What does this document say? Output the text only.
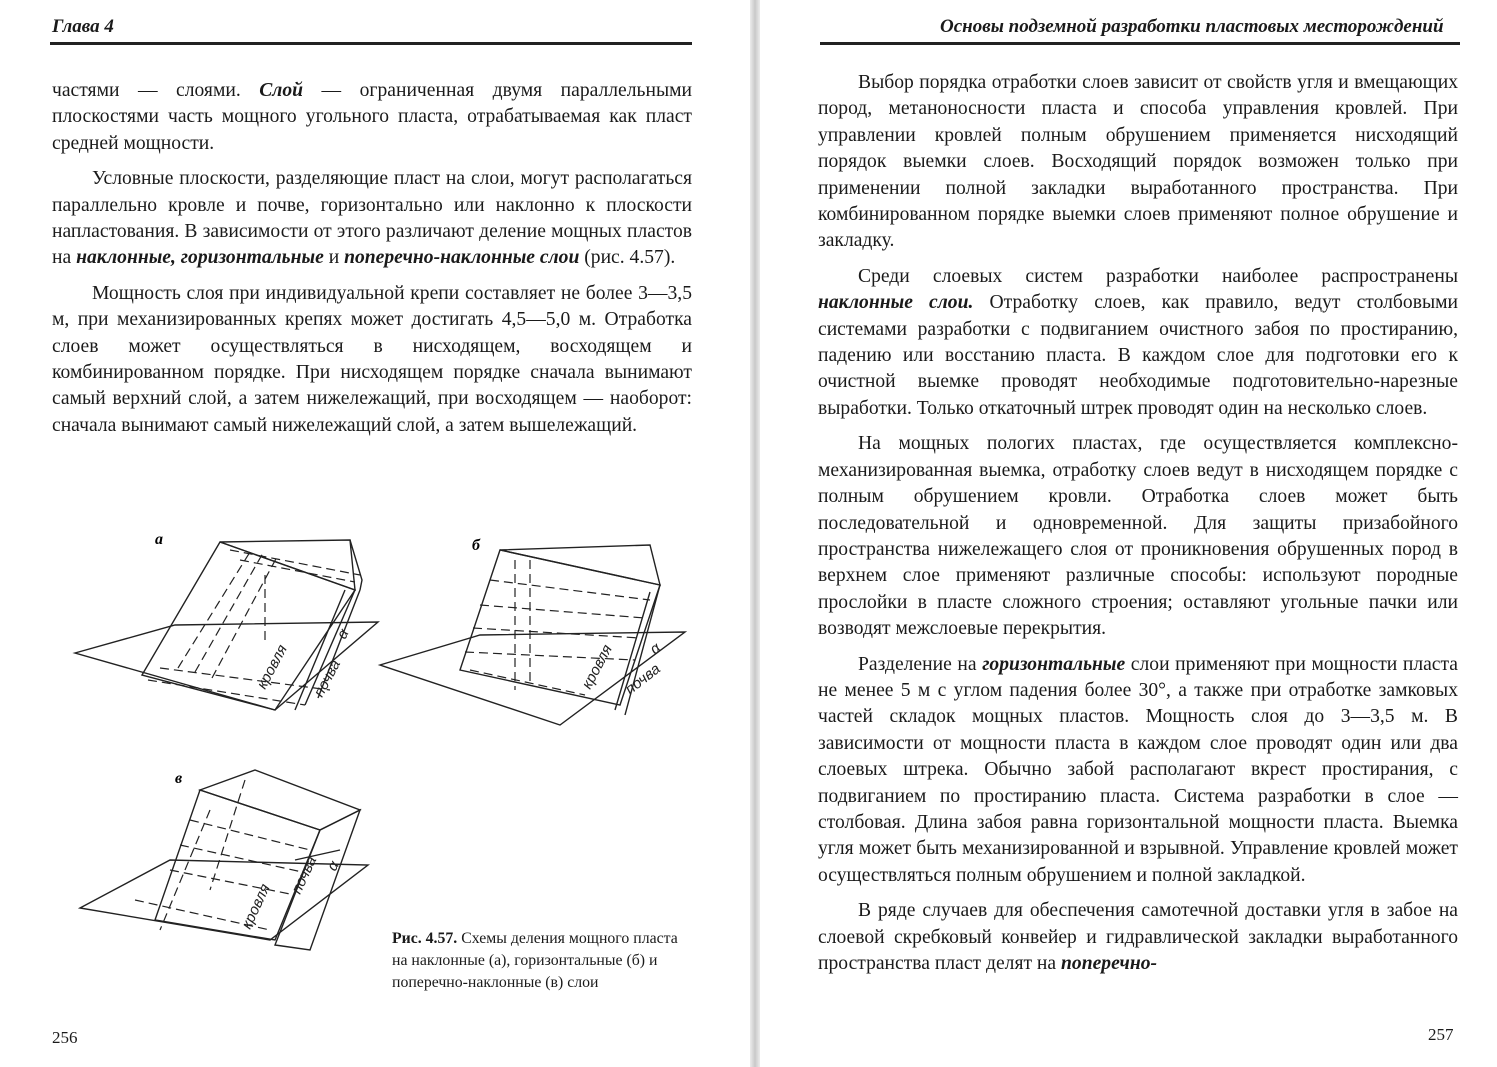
Глава 4

частями — слоями. Слой — ограниченная двумя параллельными плоскостями часть мощного угольного пласта, отрабатываемая как пласт средней мощности.

Условные плоскости, разделяющие пласт на слои, могут располагаться параллельно кровле и почве, горизонтально или наклонно к плоскости напластования. В зависимости от этого различают деление мощных пластов на наклонные, горизонтальные и поперечно-наклонные слои (рис. 4.57).

Мощность слоя при индивидуальной крепи составляет не более 3—3,5 м, при механизированных крепях может достигать 4,5—5,0 м. Отработка слоев может осуществляться в нисходящем, восходящем и комбинированном порядке. При нисходящем порядке сначала вынимают самый верхний слой, а затем нижележащий, при восходящем — наоборот: сначала вынимают самый нижележащий слой, а затем вышележащий.

а
кровля почва
α
б
кровля почва
α
в
кровля
почва α
Рис. 4.57. Схемы деления мощного пласта на наклонные (а), горизонтальные (б) и поперечно-наклонные (в) слои
256
Основы подземной разработки пластовых месторождений

Выбор порядка отработки слоев зависит от свойств угля и вмещающих пород, метаноносности пласта и способа управления кровлей. При управлении кровлей полным обрушением применяется нисходящий порядок выемки слоев. Восходящий порядок возможен только при применении полной закладки выработанного пространства. При комбинированном порядке выемки слоев применяют полное обрушение и закладку.

Среди слоевых систем разработки наиболее распространены наклонные слои. Отработку слоев, как правило, ведут столбовыми системами разработки с подвиганием очистного забоя по простиранию, падению или восстанию пласта. В каждом слое для подготовки его к очистной выемке проводят необходимые подготовительно-нарезные выработки. Только откаточный штрек проводят один на несколько слоев.

На мощных пологих пластах, где осуществляется комплексно-механизированная выемка, отработку слоев ведут в нисходящем порядке с полным обрушением кровли. Отработка слоев может быть последовательной и одновременной. Для защиты призабойного пространства нижележащего слоя от проникновения обрушенных пород в верхнем слое применяют различные способы: используют породные прослойки в пласте сложного строения; оставляют угольные пачки или возводят межслоевые перекрытия.

Разделение на горизонтальные слои применяют при мощности пласта не менее 5 м с углом падения более 30°, а также при отработке замковых частей складок мощных пластов. Мощность слоя до 3—3,5 м. В зависимости от мощности пласта в каждом слое проводят один или два слоевых штрека. Обычно забой располагают вкрест простирания, с подвиганием по простиранию пласта. Система разработки в слое — столбовая. Длина забоя равна горизонтальной мощности пласта. Выемка угля может быть механизированной и взрывной. Управление кровлей может осуществляться полным обрушением и полной закладкой.

В ряде случаев для обеспечения самотечной доставки угля в забое на слоевой скребковый конвейер и гидравлической закладки выработанного пространства пласт делят на поперечно-

257
